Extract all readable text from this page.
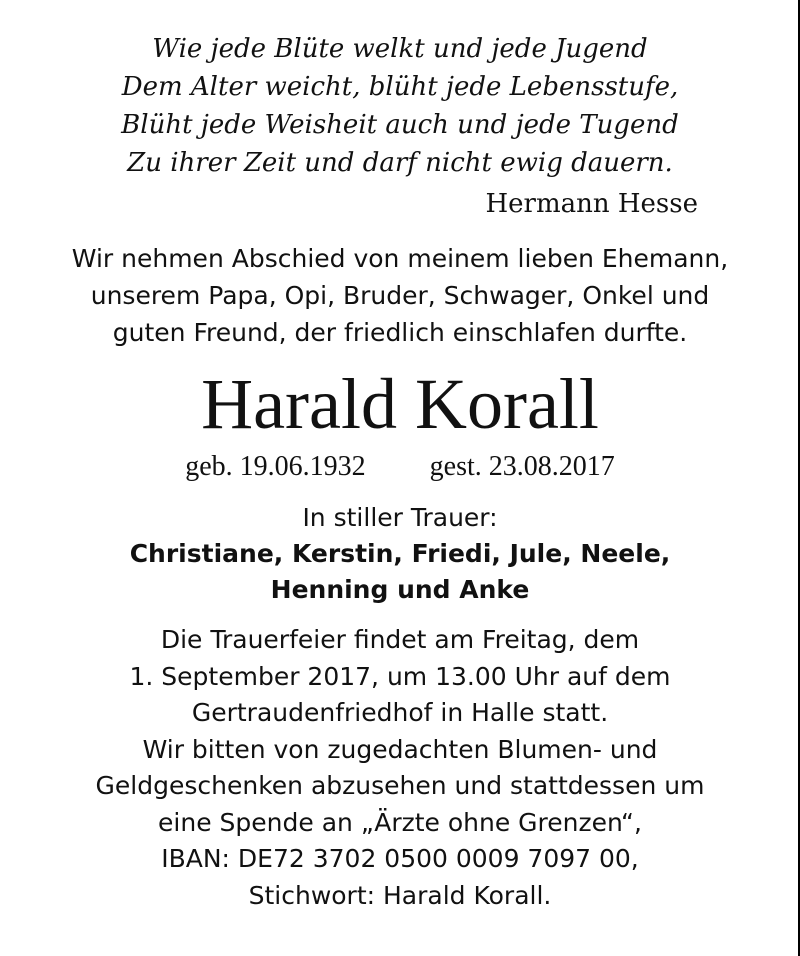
Wie jede Blüte welkt und jede Jugend
Dem Alter weicht, blüht jede Lebensstufe,
Blüht jede Weisheit auch und jede Tugend
Zu ihrer Zeit und darf nicht ewig dauern.
Hermann Hesse
Wir nehmen Abschied von meinem lieben Ehemann,
unserem Papa, Opi, Bruder, Schwager, Onkel und
guten Freund, der friedlich einschlafen durfte.
Harald Korall
geb. 19.06.1932 gest. 23.08.2017
In stiller Trauer:
Christiane, Kerstin, Friedi, Jule, Neele,
Henning und Anke
Die Trauerfeier findet am Freitag, dem
1. September 2017, um 13.00 Uhr auf dem
Gertraudenfriedhof in Halle statt.
Wir bitten von zugedachten Blumen- und
Geldgeschenken abzusehen und stattdessen um
eine Spende an „Ärzte ohne Grenzen“,
IBAN: DE72 3702 0500 0009 7097 00,
Stichwort: Harald Korall.
